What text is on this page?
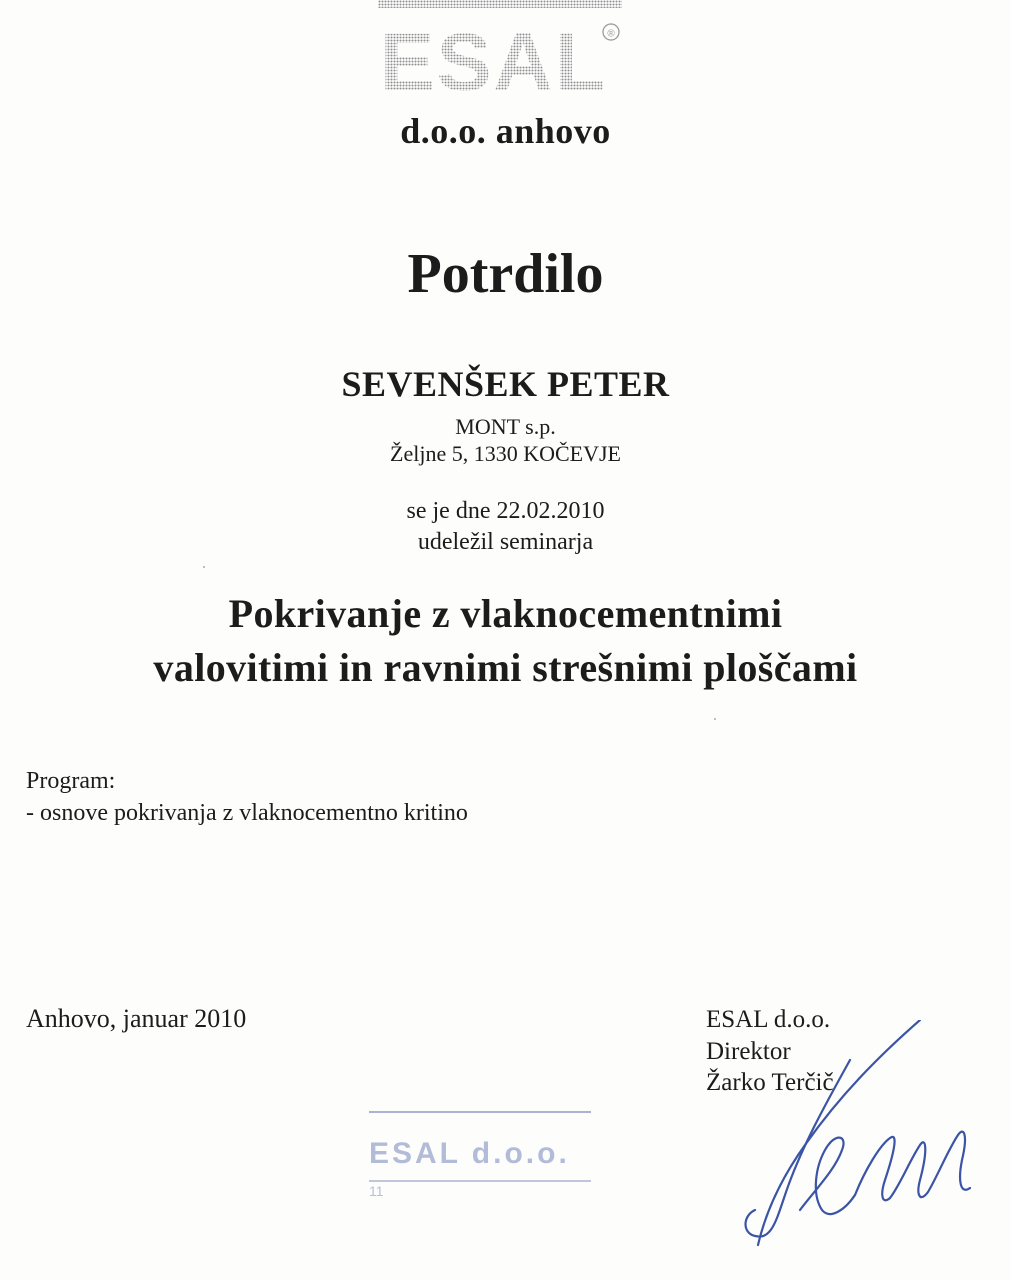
ESAL ®
d.o.o. anhovo
Potrdilo
SEVENŠEK PETER
MONT s.p.
Željne 5, 1330 KOČEVJE
se je dne 22.02.2010
udeležil seminarja
Pokrivanje z vlaknocementnimi
valovitimi in ravnimi strešnimi ploščami
Program:
- osnove pokrivanja z vlaknocementno kritino
Anhovo, januar 2010	ESAL d.o.o.
Direktor
Žarko Terčič
ESAL d.o.o.
11
